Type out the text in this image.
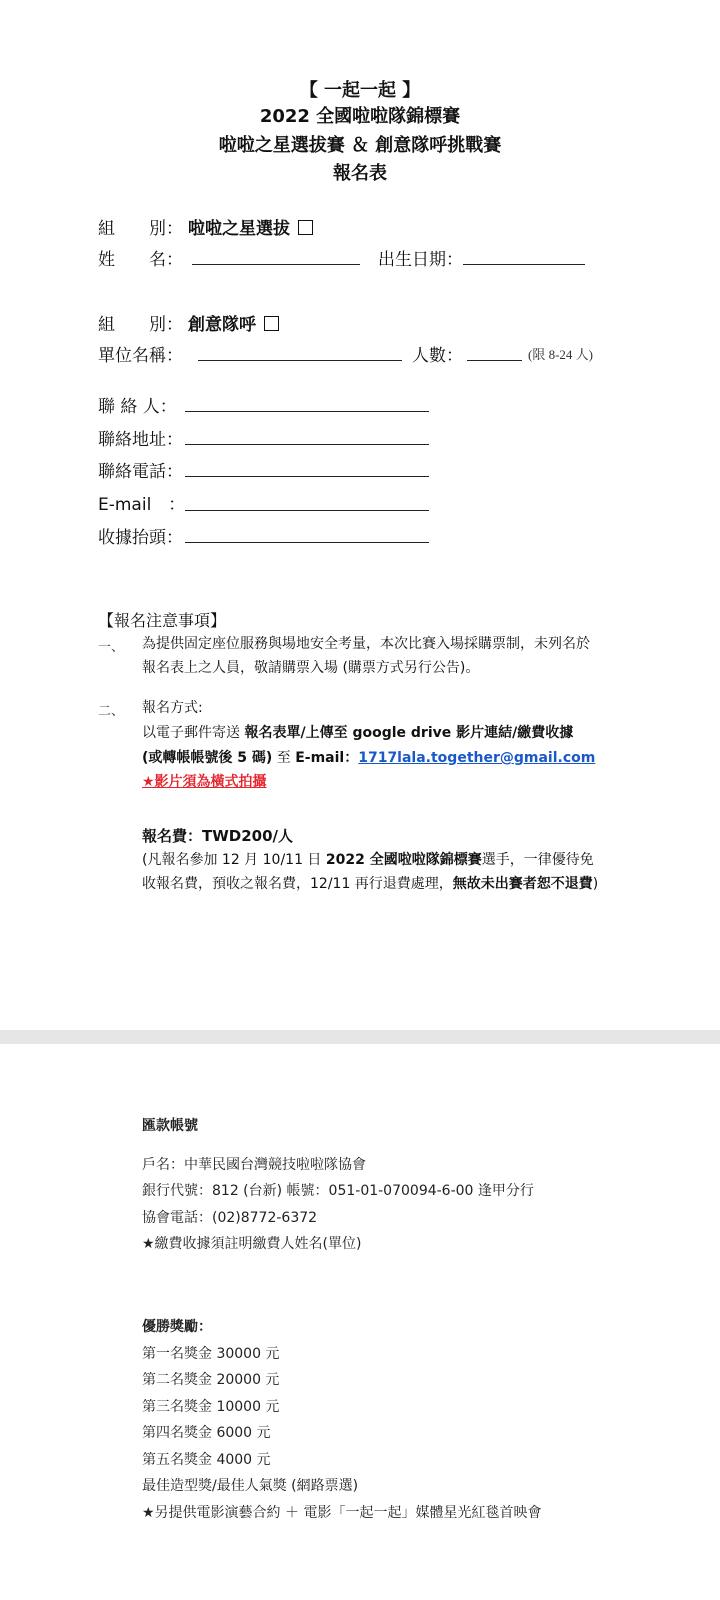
【 一起一起 】
2022 全國啦啦隊錦標賽
啦啦之星選拔賽 ＆ 創意隊呼挑戰賽
報名表
組　　別： 啦啦之星選拔
姓　　名：	出生日期：
組　　別： 創意隊呼
單位名稱：	人數：	(限 8-24 人)
聯 絡 人：
聯絡地址：
聯絡電話：
E-mail　：
收據抬頭：
【報名注意事項】
一、 為提供固定座位服務與場地安全考量，本次比賽入場採購票制，未列名於
報名表上之人員，敬請購票入場 (購票方式另行公告)。
二、 報名方式:
以電子郵件寄送 報名表單/上傳至 google drive 影片連結/繳費收據
(或轉帳帳號後 5 碼) 至 E-mail：1717lala.together@gmail.com
★影片須為橫式拍攝
報名費：TWD200/人
(凡報名參加 12 月 10/11 日 2022 全國啦啦隊錦標賽選手，一律優待免
收報名費，預收之報名費，12/11 再行退費處理，無故未出賽者恕不退費)
匯款帳號
戶名：中華民國台灣競技啦啦隊協會
銀行代號：812 (台新) 帳號：051-01-070094-6-00 逢甲分行
協會電話：(02)8772-6372
★繳費收據須註明繳費人姓名(單位)
優勝獎勵：
第一名獎金 30000 元
第二名獎金 20000 元
第三名獎金 10000 元
第四名獎金 6000 元
第五名獎金 4000 元
最佳造型獎/最佳人氣獎 (網路票選)
★另提供電影演藝合約 ＋ 電影「一起一起」媒體星光紅毯首映會
